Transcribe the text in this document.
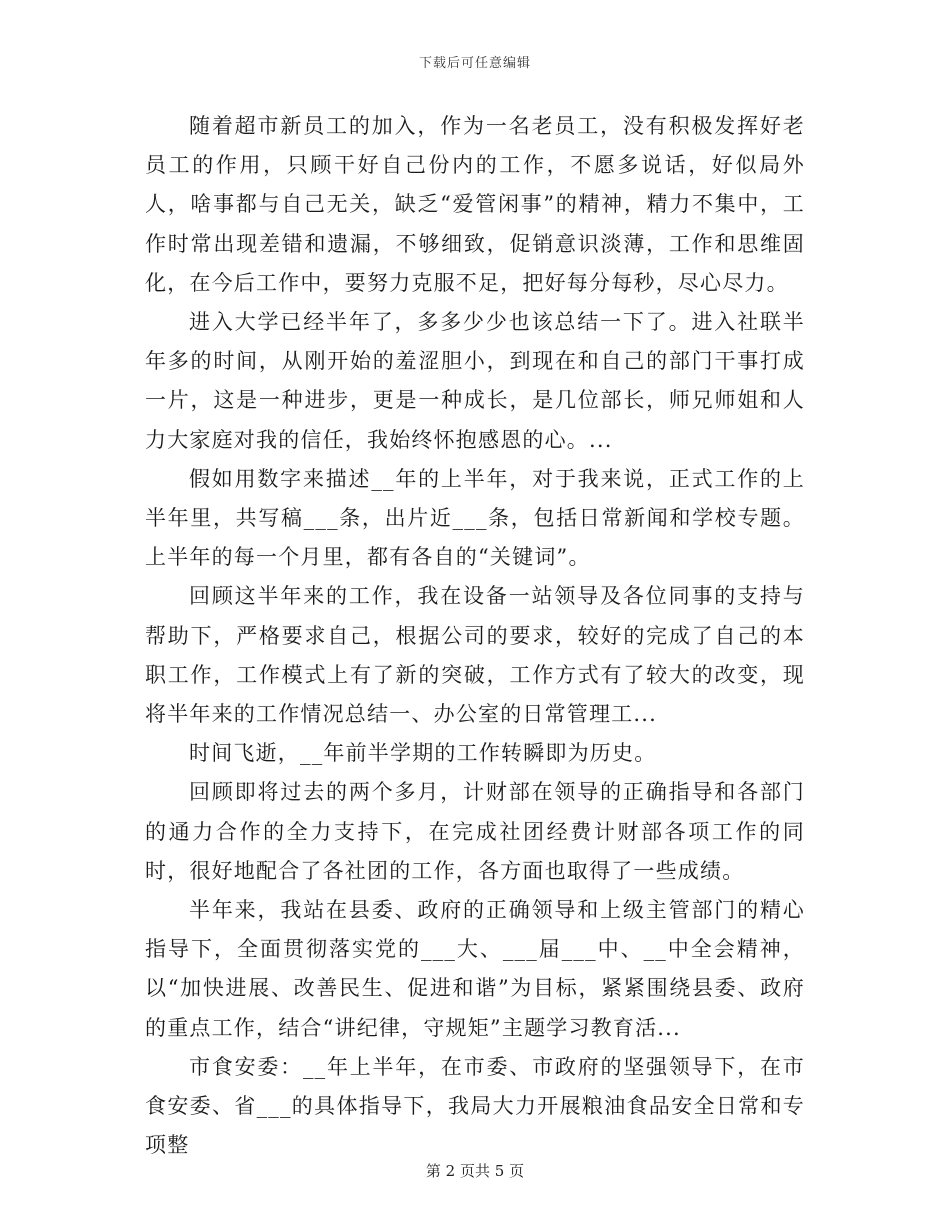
下载后可任意编辑

随着超市新员工的加入，作为一名老员工，没有积极发挥好老员工的作用，只顾干好自己份内的工作，不愿多说话，好似局外人，啥事都与自己无关，缺乏“爱管闲事”的精神，精力不集中，工作时常出现差错和遗漏，不够细致，促销意识淡薄，工作和思维固化，在今后工作中，要努力克服不足，把好每分每秒，尽心尽力。

进入大学已经半年了，多多少少也该总结一下了。进入社联半年多的时间，从刚开始的羞涩胆小，到现在和自己的部门干事打成一片，这是一种进步，更是一种成长，是几位部长，师兄师姐和人力大家庭对我的信任，我始终怀抱感恩的心。...

假如用数字来描述__年的上半年，对于我来说，正式工作的上半年里，共写稿___条，出片近___条，包括日常新闻和学校专题。上半年的每一个月里，都有各自的“关键词”。

回顾这半年来的工作，我在设备一站领导及各位同事的支持与帮助下，严格要求自己，根据公司的要求，较好的完成了自己的本职工作，工作模式上有了新的突破，工作方式有了较大的改变，现将半年来的工作情况总结一、办公室的日常管理工...

时间飞逝，__年前半学期的工作转瞬即为历史。

回顾即将过去的两个多月，计财部在领导的正确指导和各部门的通力合作的全力支持下，在完成社团经费计财部各项工作的同时，很好地配合了各社团的工作，各方面也取得了一些成绩。

半年来，我站在县委、政府的正确领导和上级主管部门的精心指导下，全面贯彻落实党的___大、___届___中、__中全会精神，以“加快进展、改善民生、促进和谐”为目标，紧紧围绕县委、政府的重点工作，结合“讲纪律，守规矩”主题学习教育活...

市食安委：__年上半年，在市委、市政府的坚强领导下，在市食安委、省___的具体指导下，我局大力开展粮油食品安全日常和专项整

第 2 页共 5 页
